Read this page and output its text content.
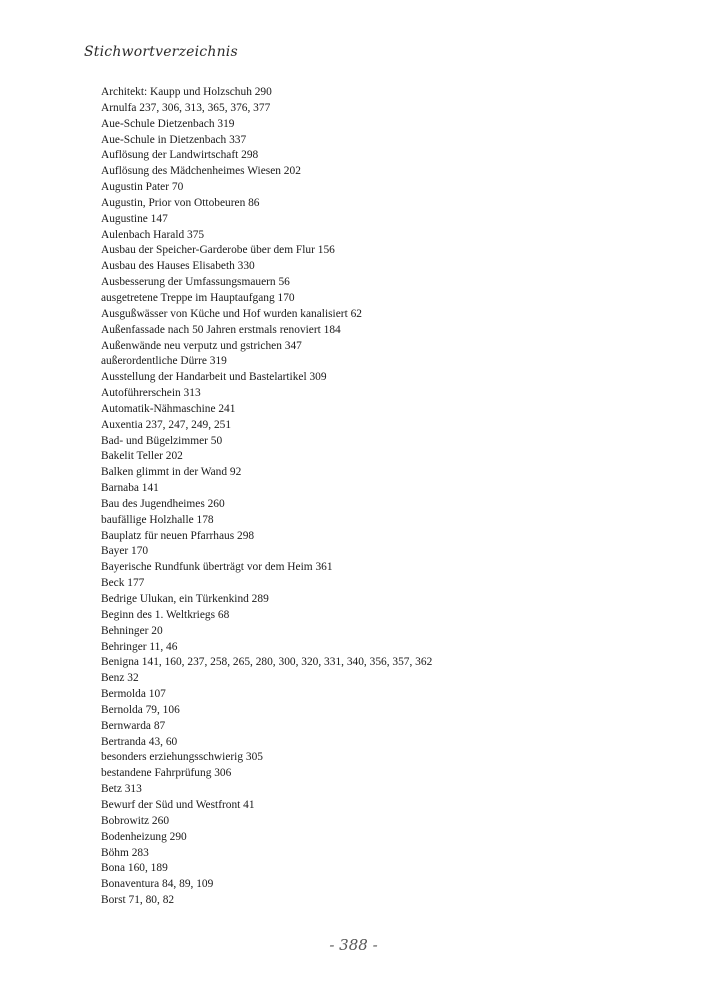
Stichwortverzeichnis
Architekt: Kaupp und Holzschuh 290
Arnulfa 237, 306, 313, 365, 376, 377
Aue-Schule Dietzenbach 319
Aue-Schule in Dietzenbach 337
Auflösung der Landwirtschaft 298
Auflösung des Mädchenheimes Wiesen 202
Augustin Pater 70
Augustin, Prior von Ottobeuren 86
Augustine 147
Aulenbach Harald 375
Ausbau der Speicher-Garderobe über dem Flur 156
Ausbau des Hauses Elisabeth 330
Ausbesserung der Umfassungsmauern 56
ausgetretene Treppe im Hauptaufgang 170
Ausgußwässer von Küche und Hof wurden kanalisiert 62
Außenfassade nach 50 Jahren erstmals renoviert 184
Außenwände neu verputz und gstrichen 347
außerordentliche Dürre 319
Ausstellung der Handarbeit und Bastelartikel 309
Autoführerschein 313
Automatik-Nähmaschine 241
Auxentia 237, 247, 249, 251
Bad- und Bügelzimmer 50
Bakelit Teller 202
Balken glimmt in der Wand 92
Barnaba 141
Bau des Jugendheimes 260
baufällige Holzhalle 178
Bauplatz für neuen Pfarrhaus 298
Bayer 170
Bayerische Rundfunk überträgt vor dem Heim 361
Beck 177
Bedrige Ulukan, ein Türkenkind 289
Beginn des 1. Weltkriegs 68
Behninger 20
Behringer 11, 46
Benigna 141, 160, 237, 258, 265, 280, 300, 320, 331, 340, 356, 357, 362
Benz 32
Bermolda 107
Bernolda 79, 106
Bernwarda 87
Bertranda 43, 60
besonders erziehungsschwierig 305
bestandene Fahrprüfung 306
Betz 313
Bewurf der Süd und Westfront 41
Bobrowitz 260
Bodenheizung 290
Böhm 283
Bona 160, 189
Bonaventura 84, 89, 109
Borst 71, 80, 82
- 388 -
